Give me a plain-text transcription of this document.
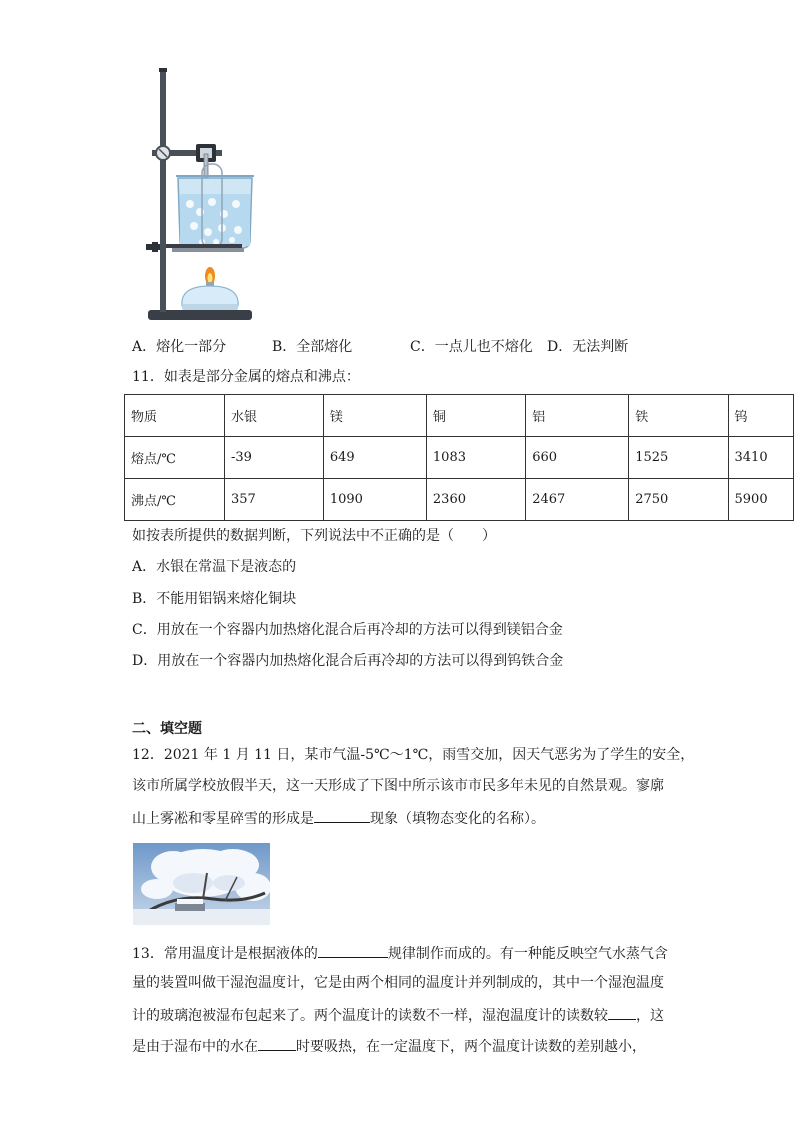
A．熔化一部分	B．全部熔化	C．一点儿也不熔化 D．无法判断
11．如表是部分金属的熔点和沸点：
物质	水银	镁	铜	铝	铁	钨
熔点/℃	-39	649	1083	660	1525	3410
沸点/℃	357	1090	2360	2467	2750	5900
如按表所提供的数据判断，下列说法中不正确的是（　　）
A．水银在常温下是液态的
B．不能用铝锅来熔化铜块
C．用放在一个容器内加热熔化混合后再冷却的方法可以得到镁铝合金
D．用放在一个容器内加热熔化混合后再冷却的方法可以得到钨铁合金
二、填空题
12．2021 年 1 月 11 日，某市气温-5℃～1℃，雨雪交加，因天气恶劣为了学生的安全，
该市所属学校放假半天，这一天形成了下图中所示该市市民多年未见的自然景观。寥廓
山上雾凇和零星碎雪的形成是	现象（填物态变化的名称）。
13．常用温度计是根据液体的	规律制作而成的。有一种能反映空气水蒸气含
量的装置叫做干湿泡温度计，它是由两个相同的温度计并列制成的，其中一个湿泡温度
计的玻璃泡被湿布包起来了。两个温度计的读数不一样，湿泡温度计的读数较 ，这
是由于湿布中的水在	时要吸热，在一定温度下，两个温度计读数的差别越小，
